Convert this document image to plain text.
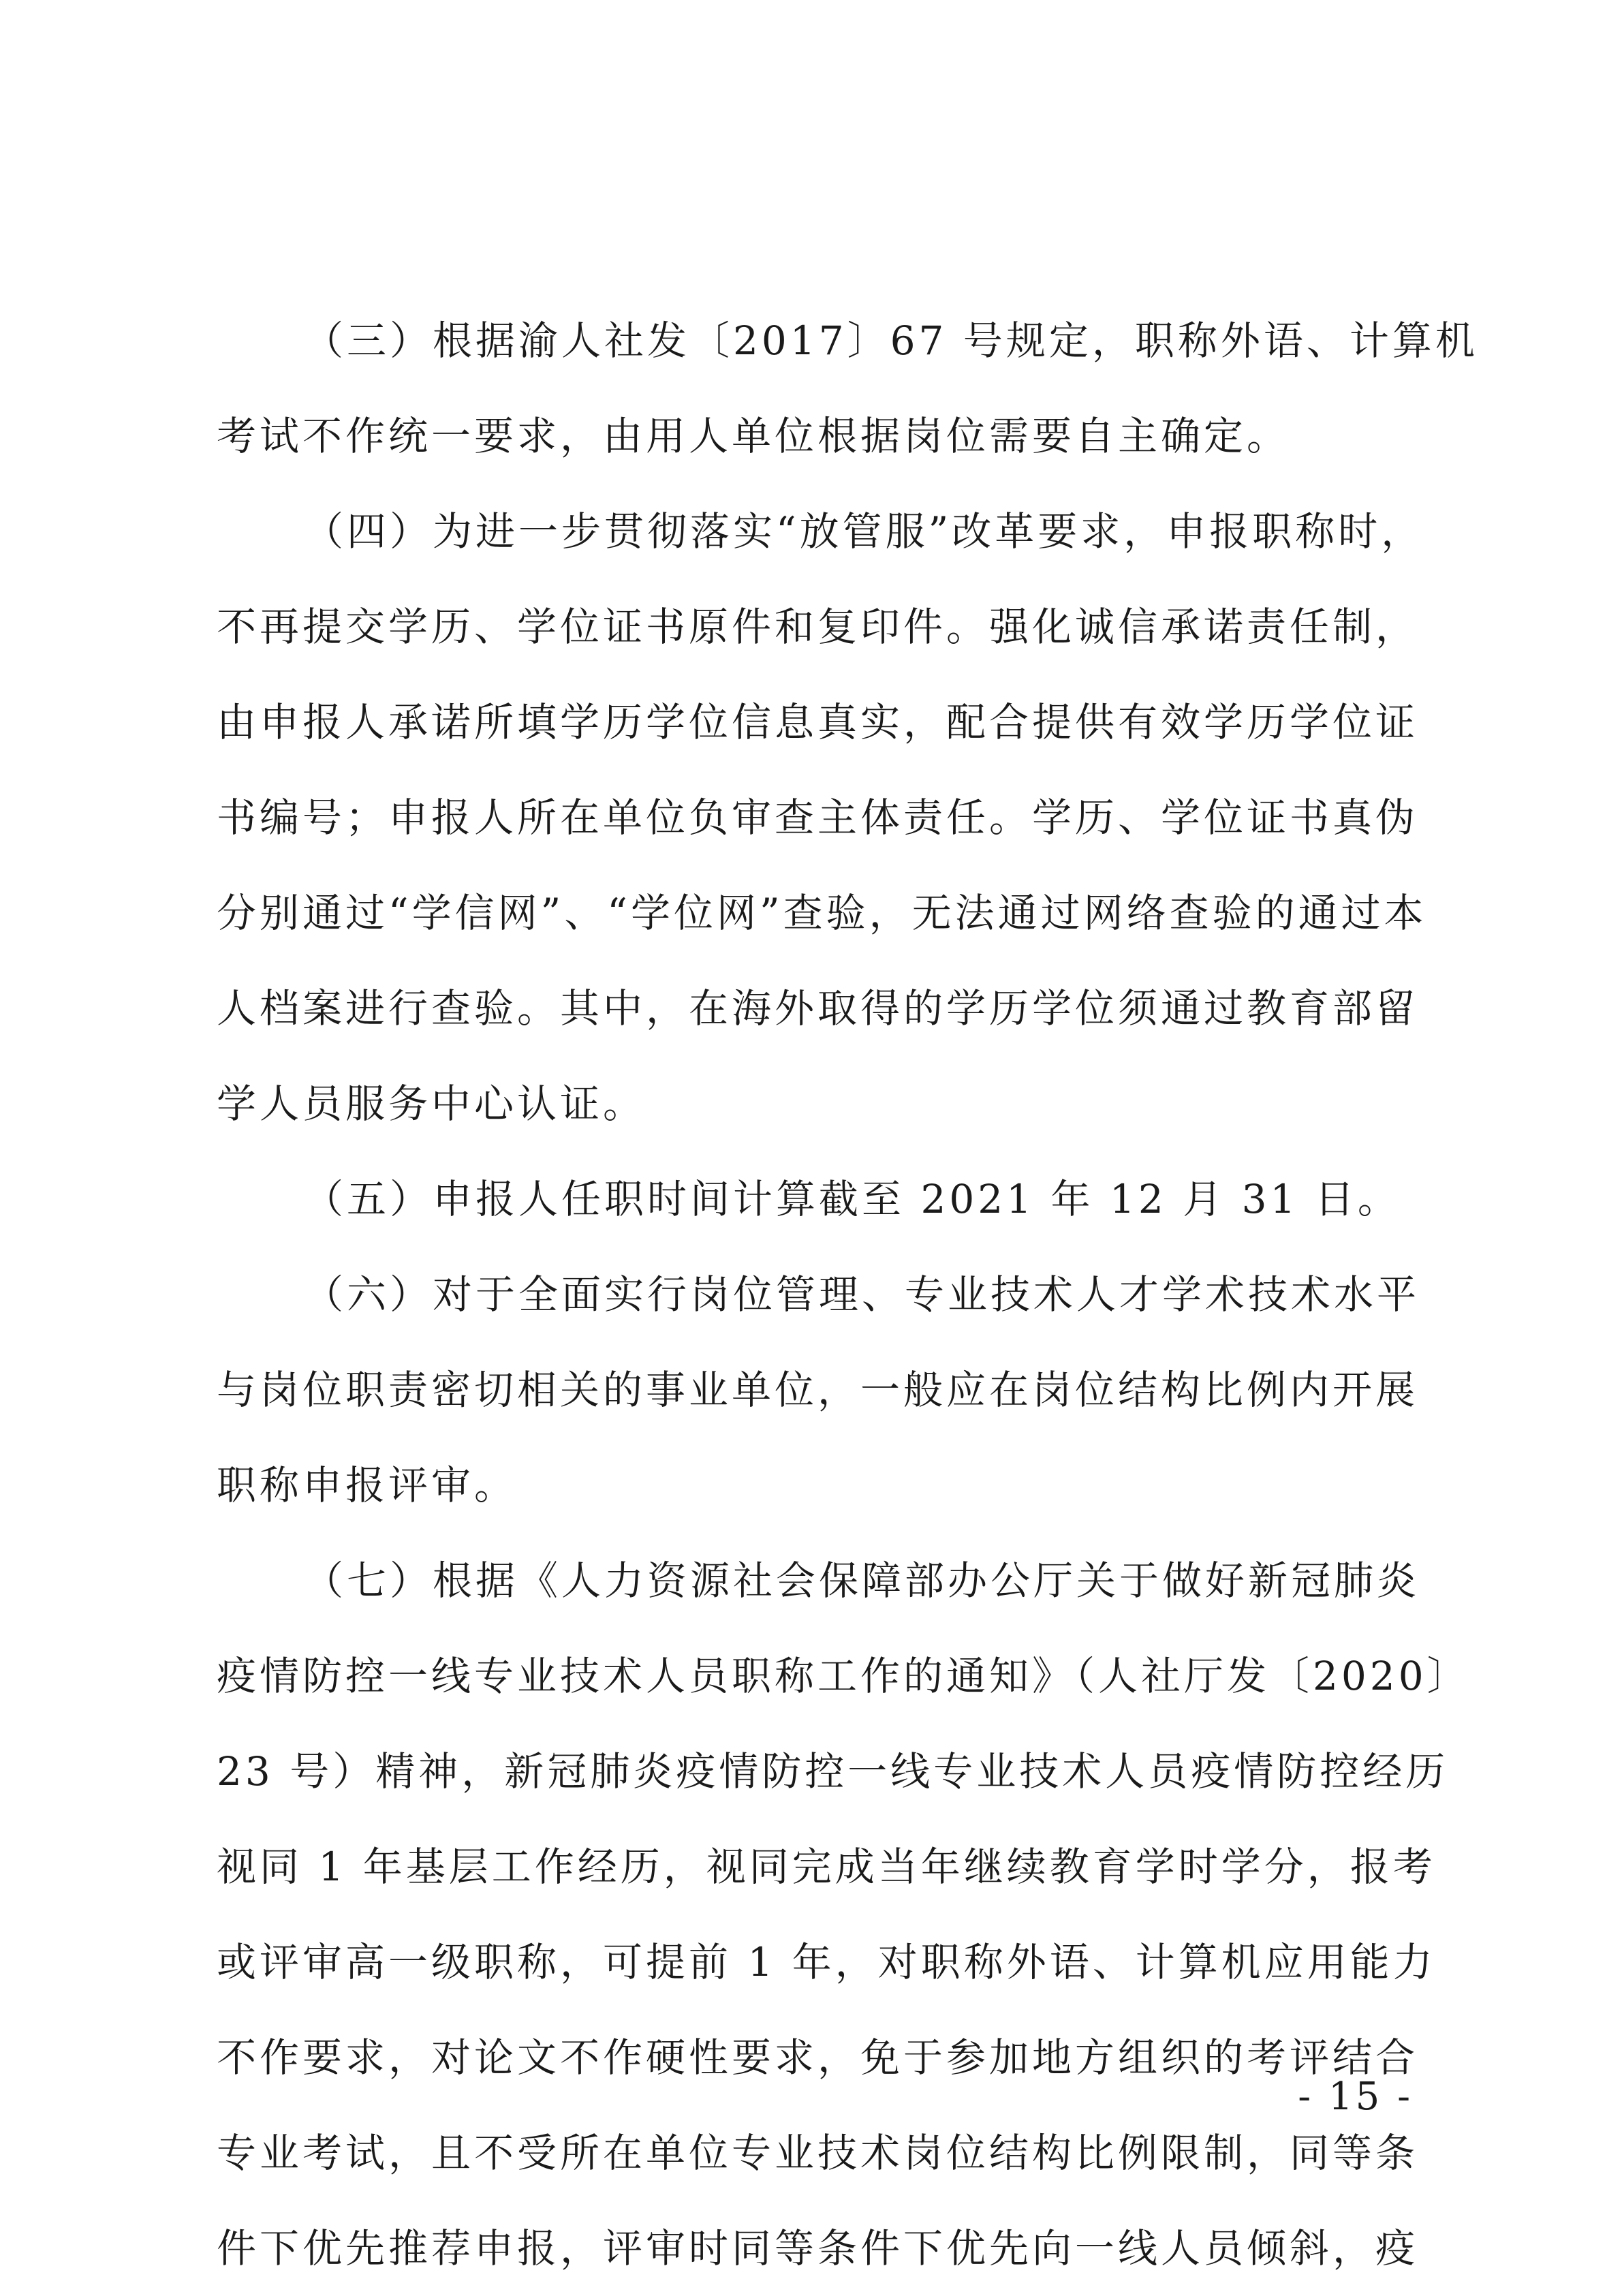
（三）根据渝人社发〔2017〕67 号规定，职称外语、计算机
考试不作统一要求，由用人单位根据岗位需要自主确定。
（四）为进一步贯彻落实“放管服”改革要求，申报职称时，
不再提交学历、学位证书原件和复印件。强化诚信承诺责任制，
由申报人承诺所填学历学位信息真实，配合提供有效学历学位证
书编号；申报人所在单位负审查主体责任。学历、学位证书真伪
分别通过“学信网”、“学位网”查验，无法通过网络查验的通过本
人档案进行查验。其中，在海外取得的学历学位须通过教育部留
学人员服务中心认证。
（五）申报人任职时间计算截至 2021 年 12 月 31 日。
（六）对于全面实行岗位管理、专业技术人才学术技术水平
与岗位职责密切相关的事业单位，一般应在岗位结构比例内开展
职称申报评审。
（七）根据《人力资源社会保障部办公厅关于做好新冠肺炎
疫情防控一线专业技术人员职称工作的通知》（人社厅发〔2020〕
23 号）精神，新冠肺炎疫情防控一线专业技术人员疫情防控经历
视同 1 年基层工作经历，视同完成当年继续教育学时学分，报考
或评审高一级职称，可提前 1 年，对职称外语、计算机应用能力
不作要求，对论文不作硬性要求，免于参加地方组织的考评结合
专业考试，且不受所在单位专业技术岗位结构比例限制，同等条
件下优先推荐申报，评审时同等条件下优先向一线人员倾斜，疫
- 15 -
